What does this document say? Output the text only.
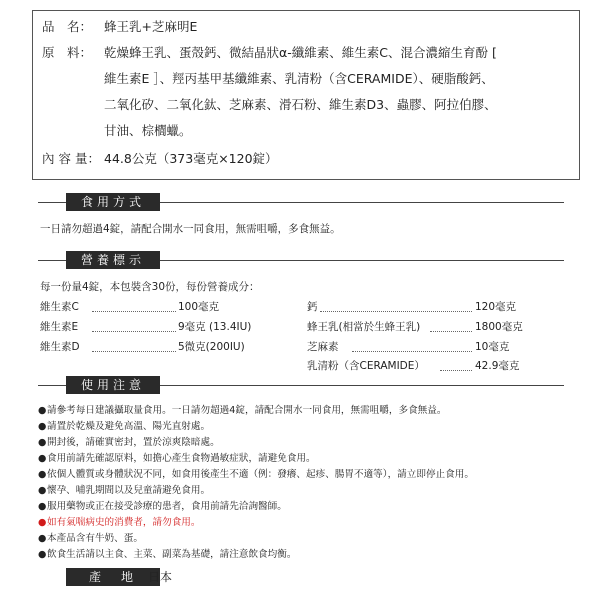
品　名： 蜂王乳+芝麻明E
原　料： 乾燥蜂王乳、蛋殼鈣、微結晶狀α-纖維素、維生素C、混合濃縮生育酚 [
維生素E ］、羥丙基甲基纖維素、乳清粉（含CERAMIDE）、硬脂酸鈣、
二氧化矽、二氧化鈦、芝麻素、滑石粉、維生素D3、蟲膠、阿拉伯膠、
甘油、棕櫚蠟。
內 容 量： 44.8公克（373毫克×120錠）
食用方式
一日請勿超過4錠，請配合開水一同食用，無需咀嚼，多食無益。
營養標示
每一份量4錠，本包裝含30份，每份營養成分：
維生素C	100毫克
維生素E	9毫克 (13.4IU)
維生素D	5微克(200IU)
鈣	120毫克
蜂王乳(相當於生蜂王乳)	1800毫克
芝麻素	10毫克
乳清粉（含CERAMIDE）	42.9毫克
使用注意
●請參考每日建議攝取量食用。一日請勿超過4錠，請配合開水一同食用，無需咀嚼，多食無益。
●請置於乾燥及避免高溫、陽光直射處。
●開封後，請確實密封，置於涼爽陰暗處。
●食用前請先確認原料，如擔心產生食物過敏症狀，請避免食用。
●依個人體質或身體狀況不同，如食用後產生不適（例：發癢、起疹、腸胃不適等），請立即停止食用。
●懷孕、哺乳期間以及兒童請避免食用。
●服用藥物或正在接受診療的患者，食用前請先洽詢醫師。
●如有氣喘病史的消費者，請勿食用。
●本產品含有牛奶、蛋。
●飲食生活請以主食、主菜、副菜為基礎，請注意飲食均衡。
產　地 日本
